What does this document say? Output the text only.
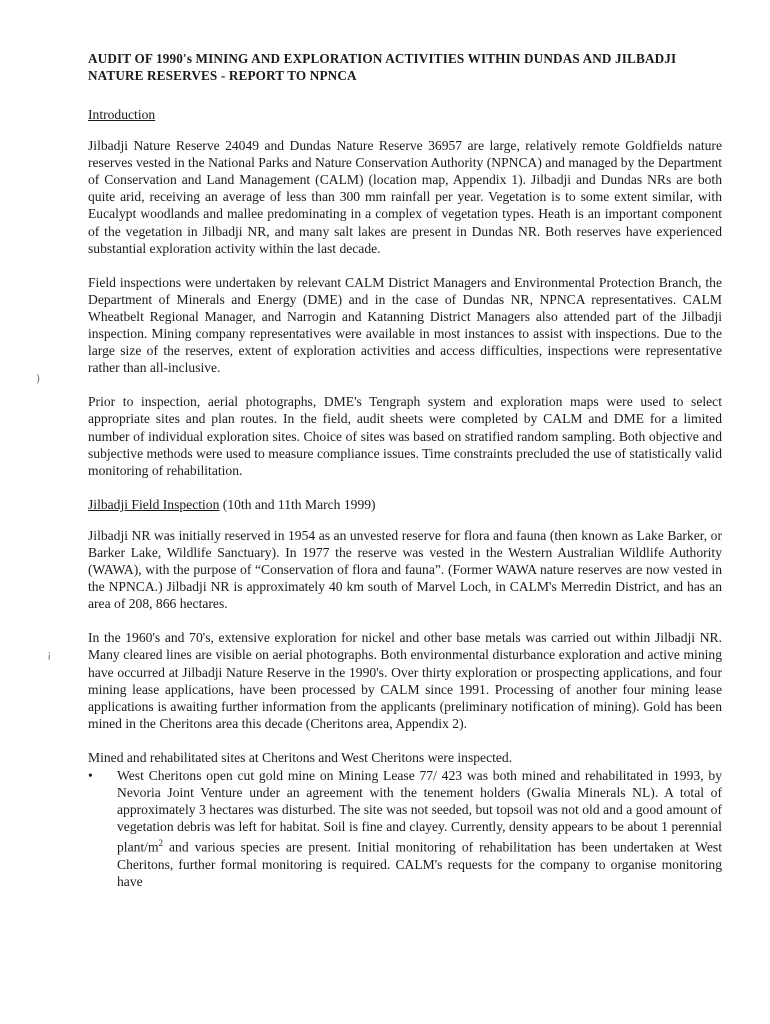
AUDIT OF 1990's MINING AND EXPLORATION ACTIVITIES WITHIN DUNDAS AND JILBADJI NATURE RESERVES - REPORT TO NPNCA
Introduction

Jilbadji Nature Reserve 24049 and Dundas Nature Reserve 36957 are large, relatively remote Goldfields nature reserves vested in the National Parks and Nature Conservation Authority (NPNCA) and managed by the Department of Conservation and Land Management (CALM) (location map, Appendix 1). Jilbadji and Dundas NRs are both quite arid, receiving an average of less than 300 mm rainfall per year. Vegetation is to some extent similar, with Eucalypt woodlands and mallee predominating in a complex of vegetation types. Heath is an important component of the vegetation in Jilbadji NR, and many salt lakes are present in Dundas NR. Both reserves have experienced substantial exploration activity within the last decade.

Field inspections were undertaken by relevant CALM District Managers and Environmental Protection Branch, the Department of Minerals and Energy (DME) and in the case of Dundas NR, NPNCA representatives. CALM Wheatbelt Regional Manager, and Narrogin and Katanning District Managers also attended part of the Jilbadji inspection. Mining company representatives were available in most instances to assist with inspections. Due to the large size of the reserves, extent of exploration activities and access difficulties, inspections were representative rather than all-inclusive.

Prior to inspection, aerial photographs, DME's Tengraph system and exploration maps were used to select appropriate sites and plan routes. In the field, audit sheets were completed by CALM and DME for a limited number of individual exploration sites. Choice of sites was based on stratified random sampling. Both objective and subjective methods were used to measure compliance issues. Time constraints precluded the use of statistically valid monitoring of rehabilitation.

Jilbadji Field Inspection (10th and 11th March 1999)

Jilbadji NR was initially reserved in 1954 as an unvested reserve for flora and fauna (then known as Lake Barker, or Barker Lake, Wildlife Sanctuary). In 1977 the reserve was vested in the Western Australian Wildlife Authority (WAWA), with the purpose of “Conservation of flora and fauna”. (Former WAWA nature reserves are now vested in the NPNCA.) Jilbadji NR is approximately 40 km south of Marvel Loch, in CALM's Merredin District, and has an area of 208, 866 hectares.

In the 1960's and 70's, extensive exploration for nickel and other base metals was carried out within Jilbadji NR. Many cleared lines are visible on aerial photographs. Both environmental disturbance exploration and active mining have occurred at Jilbadji Nature Reserve in the 1990's. Over thirty exploration or prospecting applications, and four mining lease applications, have been processed by CALM since 1991. Processing of another four mining lease applications is awaiting further information from the applicants (preliminary notification of mining). Gold has been mined in the Cheritons area this decade (Cheritons area, Appendix 2).

Mined and rehabilitated sites at Cheritons and West Cheritons were inspected.

• West Cheritons open cut gold mine on Mining Lease 77/ 423 was both mined and rehabilitated in 1993, by Nevoria Joint Venture under an agreement with the tenement holders (Gwalia Minerals NL). A total of approximately 3 hectares was disturbed. The site was not seeded, but topsoil was not old and a good amount of vegetation debris was left for habitat. Soil is fine and clayey. Currently, density appears to be about 1 perennial plant/$m^2$ and various species are present. Initial monitoring of rehabilitation has been undertaken at West Cheritons, further formal monitoring is required. CALM's requests for the company to organise monitoring have
)
¡
